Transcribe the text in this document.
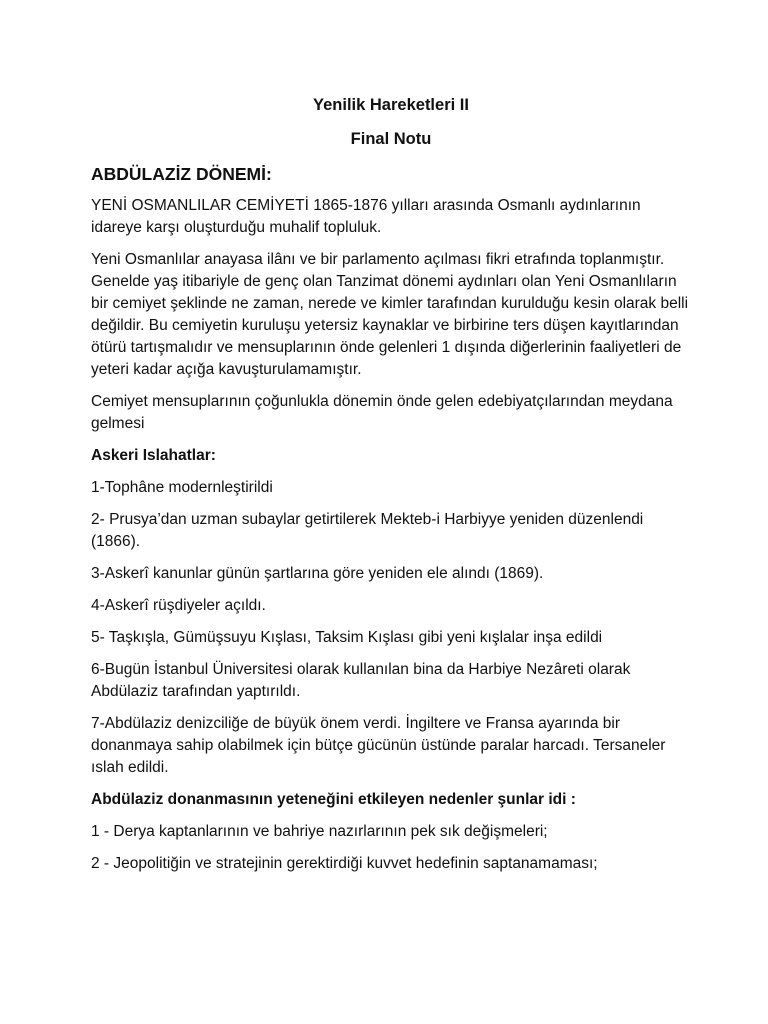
Yenilik Hareketleri II
Final Notu
ABDÜLAZİZ DÖNEMİ:

YENİ OSMANLILAR CEMİYETİ 1865-1876 yılları arasında Osmanlı aydınlarının idareye karşı oluşturduğu muhalif topluluk.

Yeni Osmanlılar anayasa ilânı ve bir parlamento açılması fikri etrafında toplanmıştır. Genelde yaş itibariyle de genç olan Tanzimat dönemi aydınları olan Yeni Osmanlıların bir cemiyet şeklinde ne zaman, nerede ve kimler tarafından kurulduğu kesin olarak belli değildir. Bu cemiyetin kuruluşu yetersiz kaynaklar ve birbirine ters düşen kayıtlarından ötürü tartışmalıdır ve mensuplarının önde gelenleri 1 dışında diğerlerinin faaliyetleri de yeteri kadar açığa kavuşturulamamıştır.

Cemiyet mensuplarının çoğunlukla dönemin önde gelen edebiyatçılarından meydana gelmesi

Askeri Islahatlar:

1-Tophâne modernleştirildi

2- Prusya’dan uzman subaylar getirtilerek Mekteb-i Harbiyye yeniden düzenlendi (1866).

3-Askerî kanunlar günün şartlarına göre yeniden ele alındı (1869).

4-Askerî rüşdiyeler açıldı.

5- Taşkışla, Gümüşsuyu Kışlası, Taksim Kışlası gibi yeni kışlalar inşa edildi

6-Bugün İstanbul Üniversitesi olarak kullanılan bina da Harbiye Nezâreti olarak Abdülaziz tarafından yaptırıldı.

7-Abdülaziz denizciliğe de büyük önem verdi. İngiltere ve Fransa ayarında bir donanmaya sahip olabilmek için bütçe gücünün üstünde paralar harcadı. Tersaneler ıslah edildi.

Abdülaziz donanmasının yeteneğini etkileyen nedenler şunlar idi :

1 - Derya kaptanlarının ve bahriye nazırlarının pek sık değişmeleri;

2 - Jeopolitiğin ve stratejinin gerektirdiği kuvvet hedefinin saptanamaması;
